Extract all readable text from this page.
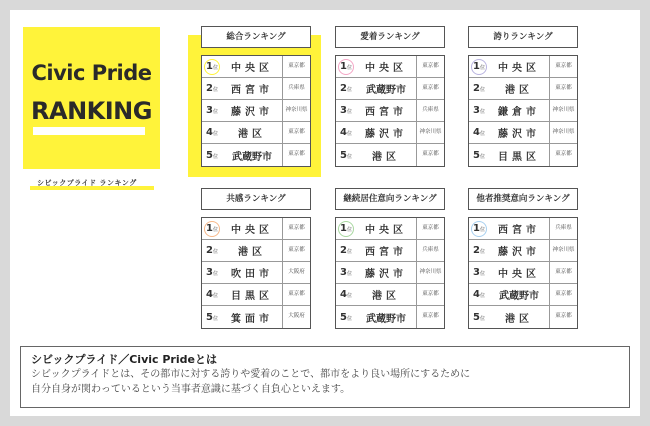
Civic Pride
RANKING
シビックプライド ランキング
総合ランキング
1位	中央区	東京都
2位	西宮市	兵庫県
3位	藤沢市	神奈川県
4位	港区	東京都
5位	武蔵野市	東京都
愛着ランキング
1位	中央区	東京都
2位	武蔵野市	東京都
3位	西宮市	兵庫県
4位	藤沢市	神奈川県
5位	港区	東京都
誇りランキング
1位	中央区	東京都
2位	港区	東京都
3位	鎌倉市	神奈川県
4位	藤沢市	神奈川県
5位	目黒区	東京都
共感ランキング
1位	中央区	東京都
2位	港区	東京都
3位	吹田市	大阪府
4位	目黒区	東京都
5位	箕面市	大阪府
継続居住意向ランキング
1位	中央区	東京都
2位	西宮市	兵庫県
3位	藤沢市	神奈川県
4位	港区	東京都
5位	武蔵野市	東京都
他者推奨意向ランキング
1位	西宮市	兵庫県
2位	藤沢市	神奈川県
3位	中央区	東京都
4位	武蔵野市	東京都
5位	港区	東京都
シビックプライド／Civic Prideとは
シビックプライドとは、その都市に対する誇りや愛着のことで、都市をより良い場所にするために
自分自身が関わっているという当事者意識に基づく自負心といえます。
